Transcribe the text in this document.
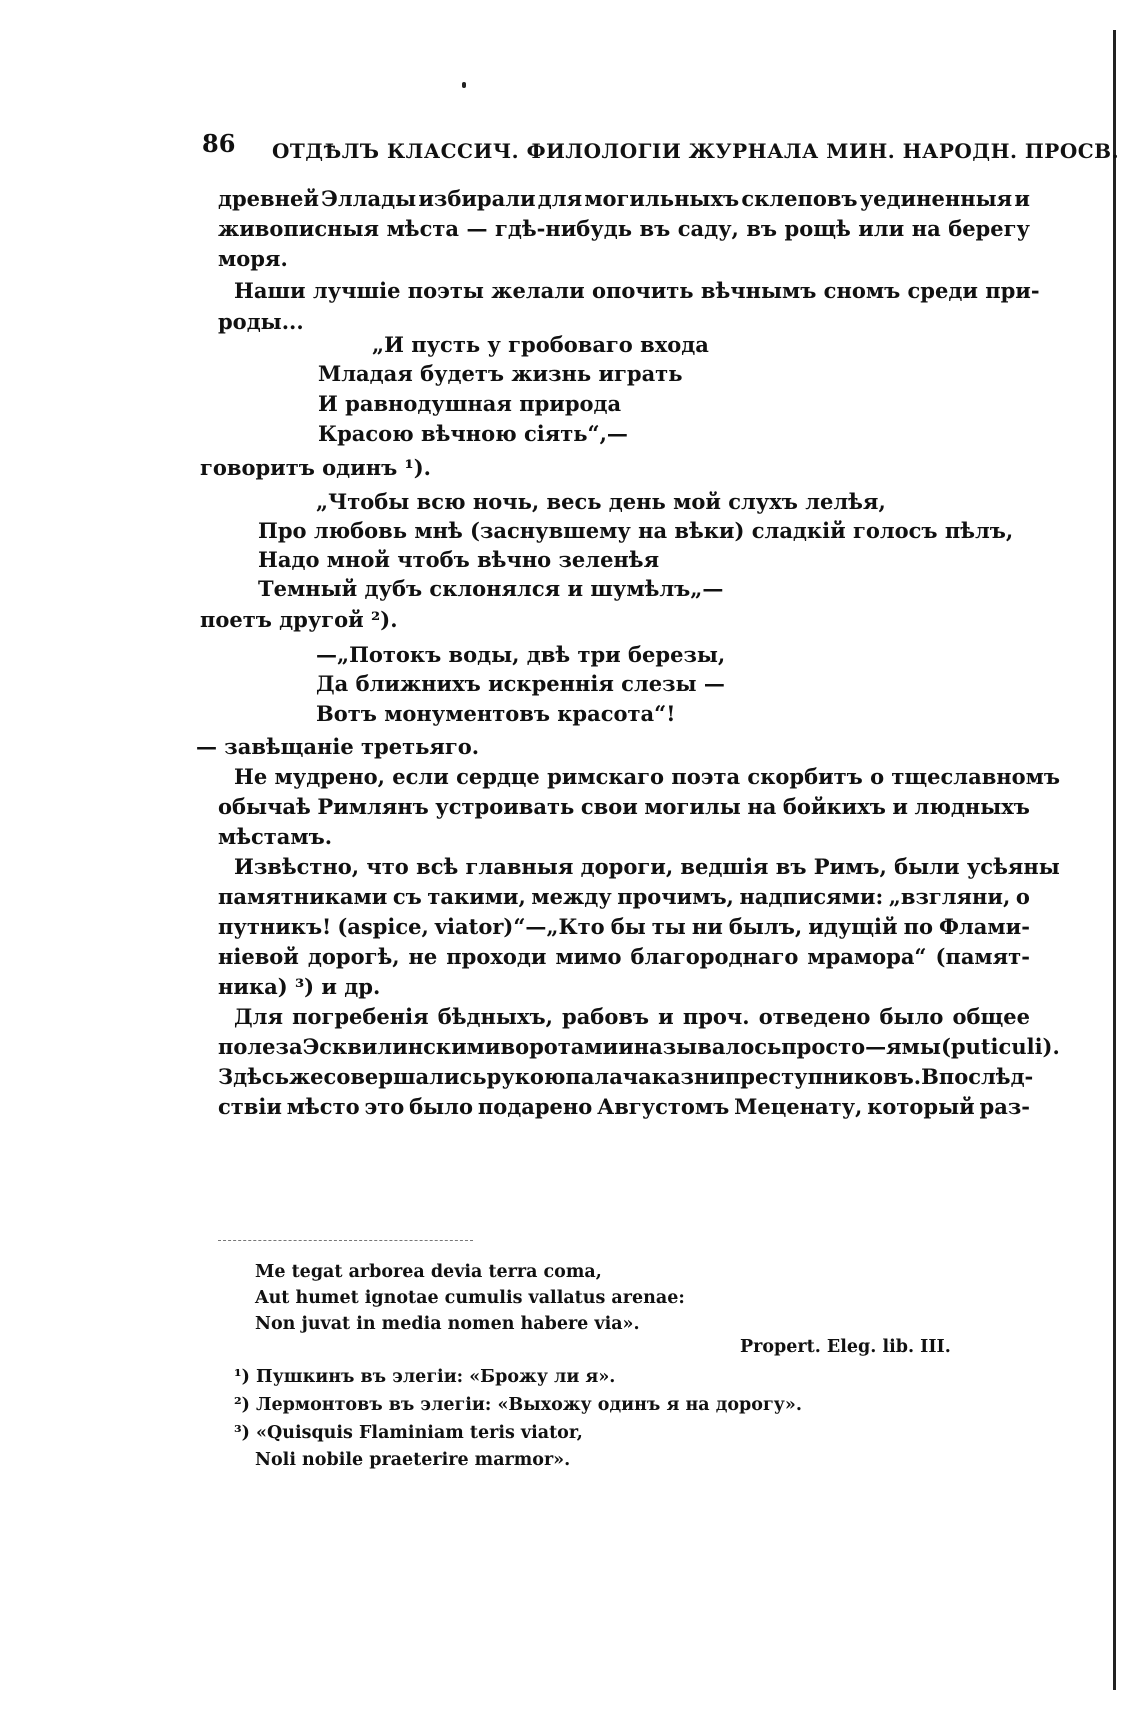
86 ОТДѢЛЪ КЛАССИЧ. ФИЛОЛОГІИ ЖУРНАЛА МИН. НАРОДН. ПРОСВ.
древней Эллады избирали для могильныхъ склеповъ уединенныя и
живописныя мѣста — гдѣ-нибудь въ саду, въ рощѣ или на берегу
моря.
Наши лучшіе поэты желали опочить вѣчнымъ сномъ среди при-
роды...
„И пусть у гробоваго входа
Младая будетъ жизнь играть
И равнодушная природа
Красою вѣчною сіять“,—
говоритъ одинъ ¹).
„Чтобы всю ночь, весь день мой слухъ лелѣя,
Про любовь мнѣ (заснувшему на вѣки) сладкій голосъ пѣлъ,
Надо мной чтобъ вѣчно зеленѣя
Темный дубъ склонялся и шумѣлъ„—
поетъ другой ²).
—„Потокъ воды, двѣ три березы,
Да ближнихъ искреннія слезы —
Вотъ монументовъ красота“!
— завѣщаніе третьяго.
Не мудрено, если сердце римскаго поэта скорбитъ о тщеславномъ
обычаѣ Римлянъ устроивать свои могилы на бойкихъ и людныхъ
мѣстамъ.
Извѣстно, что всѣ главныя дороги, ведшія въ Римъ, были усѣяны
памятниками съ такими, между прочимъ, надписями: „взгляни, о
путникъ! (aspice, viator)“—„Кто бы ты ни былъ, идущій по Флами-
ніевой дорогѣ, не проходи мимо благороднаго мрамора“ (памят-
ника) ³) и др.
Для погребенія бѣдныхъ, рабовъ и проч. отведено было общее
поле за Эсквилинскими воротами и называлось просто— ямы (puticuli).
Здѣсь же совершались рукою палача казни преступниковъ. Впослѣд-
ствіи мѣсто это было подарено Августомъ Меценату, который раз-
Me tegat arborea devia terra coma,
Aut humet ignotae cumulis vallatus arenae:
Non juvat in media nomen habere via».
Propert. Eleg. lib. III.
¹) Пушкинъ въ элегіи: «Брожу ли я».
²) Лермонтовъ въ элегіи: «Выхожу одинъ я на дорогу».
³) «Quisquis Flaminiam teris viator,
Noli nobile praeterire marmor».
